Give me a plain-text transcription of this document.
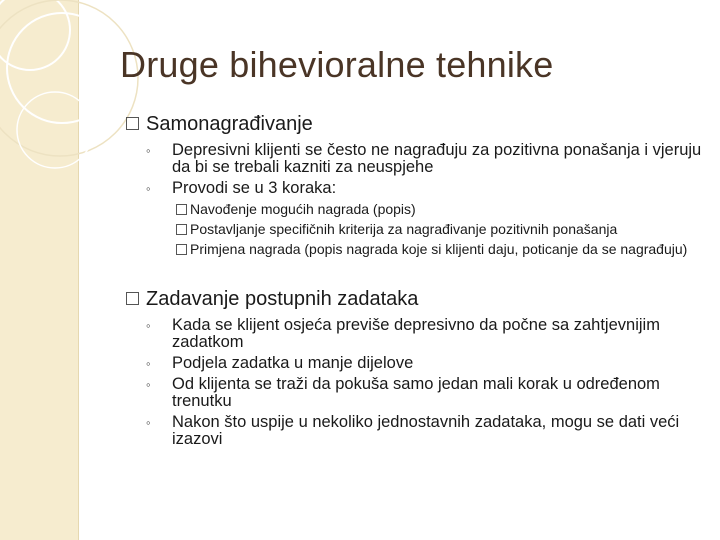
Druge bihevioralne tehnike
Samonagrađivanje
◦ Depresivni klijenti se često ne nagrađuju za pozitivna ponašanja i vjeruju da bi se trebali kazniti za neuspjehe
◦ Provodi se u 3 koraka:
Navođenje mogućih nagrada (popis)
Postavljanje specifičnih kriterija za nagrađivanje pozitivnih ponašanja
Primjena nagrada (popis nagrada koje si klijenti daju, poticanje da se nagrađuju)
Zadavanje postupnih zadataka
◦ Kada se klijent osjeća previše depresivno da počne sa zahtjevnijim zadatkom
◦ Podjela zadatka u manje dijelove
◦ Od klijenta se traži da pokuša samo jedan mali korak u određenom trenutku
◦ Nakon što uspije u nekoliko jednostavnih zadataka, mogu se dati veći izazovi
